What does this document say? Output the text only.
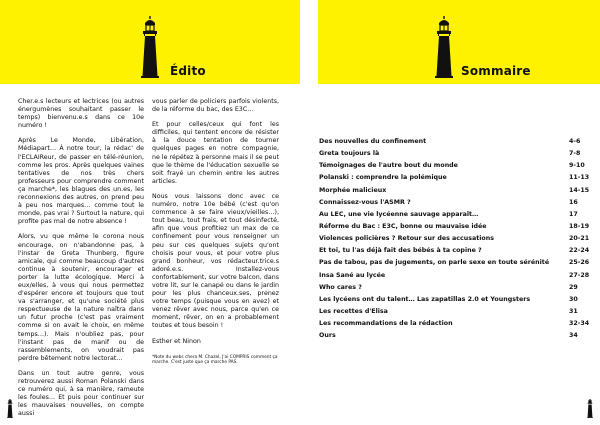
Édito

Cher.e.s lecteurs et lectrices (ou autres énergumènes souhaitant passer le temps) bienvenu.e.s dans ce 10e numéro !

Après Le Monde, Libération, Médiapart… À notre tour, la rédac' de l'ECLAIReur, de passer en télé-réunion, comme les pros. Après quelques vaines tentatives de nos très chers professeurs pour comprendre comment ça marche*, les blagues des un.es, les reconnexions des autres, on prend peu à peu nos marques… comme tout le monde, pas vrai ? Surtout la nature, qui profite pas mal de notre absence !

Alors, vu que même le corona nous encourage, on n'abandonne pas, à l'instar de Greta Thunberg, figure amicale, qui comme beaucoup d'autres continue à soutenir, encourager et porter la lutte écologique. Merci à eux/elles, à vous qui nous permettez d'espérer encore et toujours que tout va s'arranger, et qu'une société plus respectueuse de la nature naîtra dans un futur proche (c'est pas vraiment comme si on avait le choix, en même temps…). Mais n'oubliez pas, pour l'instant pas de manif ou de rassemblements, on voudrait pas perdre bêtement notre lectorat…

Dans un tout autre genre, vous retrouverez aussi Roman Polanski dans ce numéro qui, à sa manière, rameute les foules… Et puis pour continuer sur les mauvaises nouvelles, on compte aussi

vous parler de policiers parfois violents, de la réforme du bac, des E3C…

Et pour celles/ceux qui font les difficiles, qui tentent encore de résister à la douce tentation de tourner quelques pages en notre compagnie, ne le répétez à personne mais il se peut que le thème de l'éducation sexuelle se soit frayé un chemin entre les autres articles.

Nous vous laissons donc avec ce numéro, notre 10e bébé (c'est qu'on commence à se faire vieux/vieilles…), tout beau, tout frais, et tout désinfecté, afin que vous profitiez un max de ce confinement pour vous renseigner un peu sur ces quelques sujets qu'ont choisis pour vous, et pour votre plus grand bonheur, vos rédacteur.trice.s adoré.e.s. Installez-vous confortablement, sur votre balcon, dans votre lit, sur le canapé ou dans le jardin pour les plus chanceux.ses, prenez votre temps (puisque vous en avez) et venez rêver avec nous, parce qu'en ce moment, rêver, on en a probablement toutes et tous besoin !

Esther et Ninon

*Note du webs chera M. Chazel, J'ai COMPRIS comment ça marche. C'est juste que ça marche PAS.
Sommaire
Des nouvelles du confinement	4-6
Greta toujours là	7-8
Témoignages de l'autre bout du monde	9-10
Polanski : comprendre la polémique	11-13
Morphée malicieux	14-15
Connaissez-vous l'ASMR ?	16
Au LEC, une vie lycéenne sauvage apparaît…	17
Réforme du Bac : E3C, bonne ou mauvaise idée	18-19
Violences policières ? Retour sur des accusations	20-21
Et toi, tu l'as déjà fait des bébés à ta copine ?	22-24
Pas de tabou, pas de jugements, on parle sexe en toute sérénité	25-26
Insa Sané au lycée	27-28
Who cares ?	29
Les lycéens ont du talent… Las zapatillas 2.0 et Youngsters	30
Les recettes d'Elisa	31
Les recommandations de la rédaction	32-34
Ours	34
